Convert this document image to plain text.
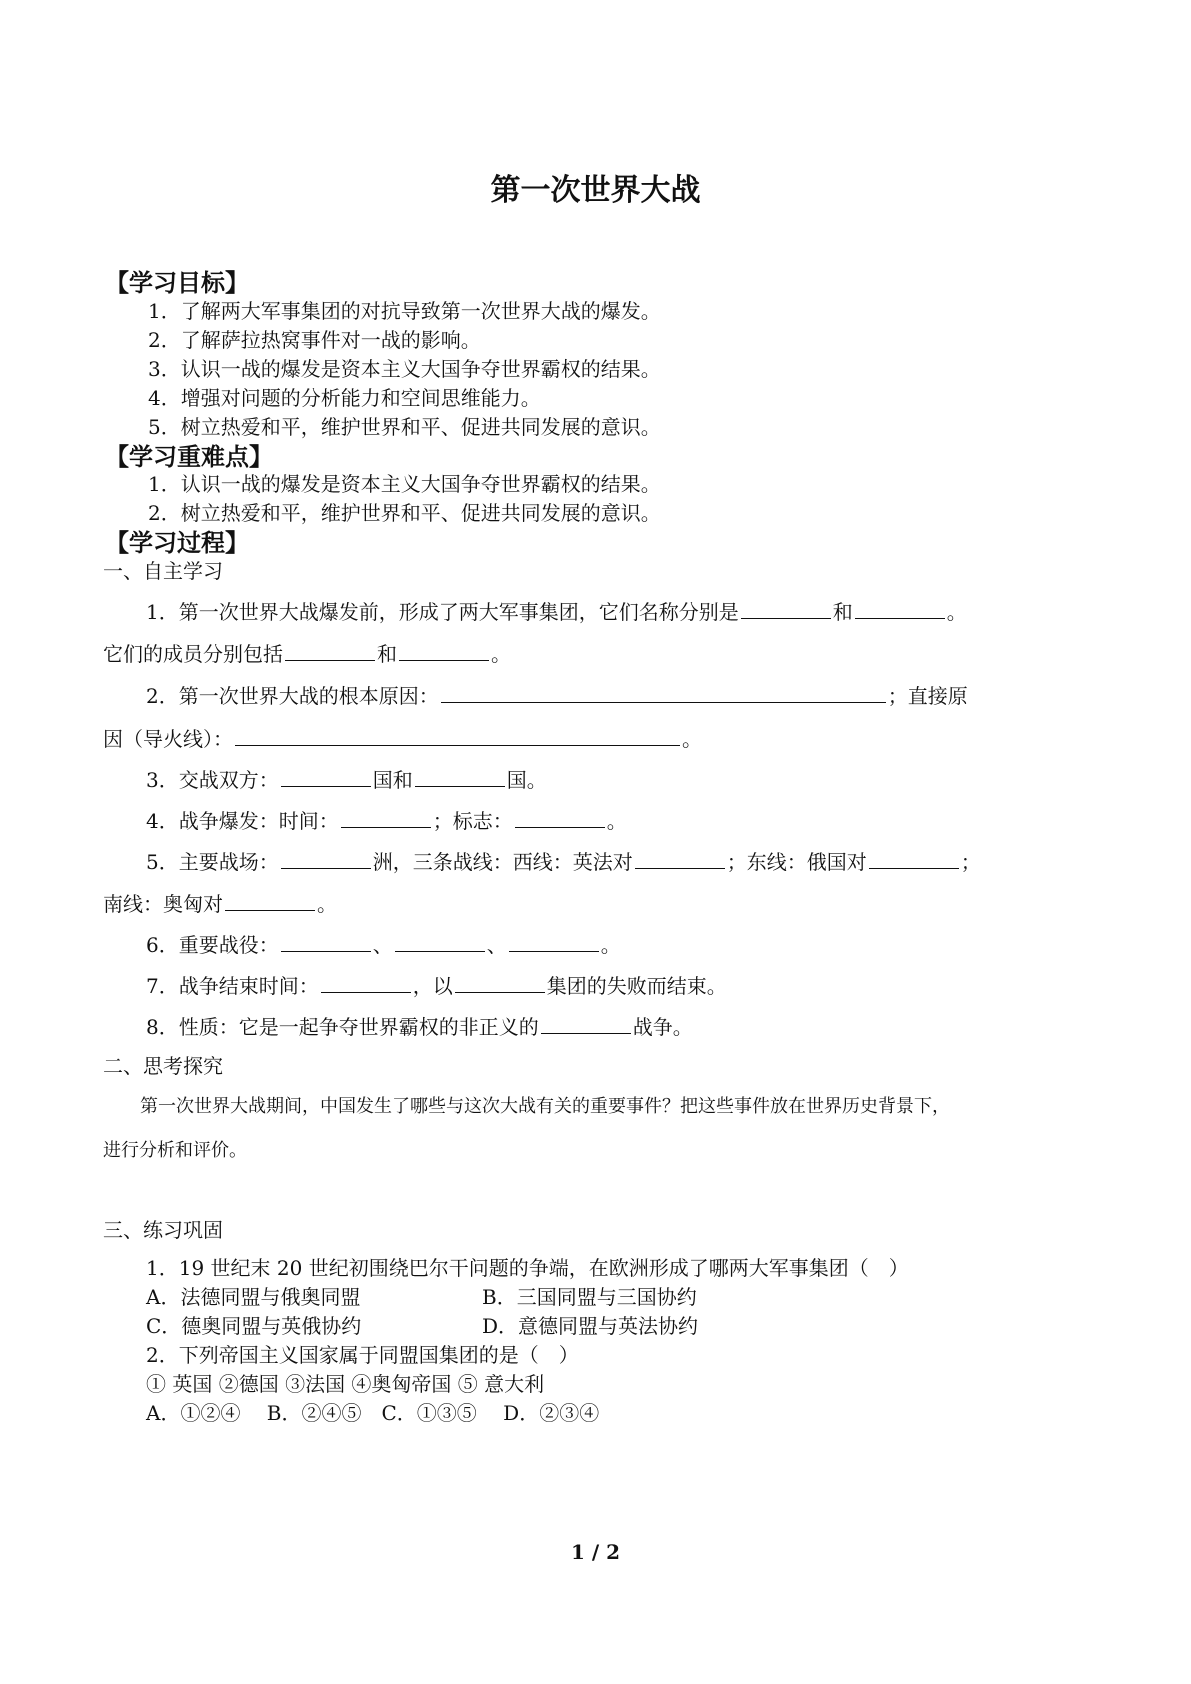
第一次世界大战
【学习目标】
1．了解两大军事集团的对抗导致第一次世界大战的爆发。
2．了解萨拉热窝事件对一战的影响。
3．认识一战的爆发是资本主义大国争夺世界霸权的结果。
4．增强对问题的分析能力和空间思维能力。
5．树立热爱和平，维护世界和平、促进共同发展的意识。
【学习重难点】
1．认识一战的爆发是资本主义大国争夺世界霸权的结果。
2．树立热爱和平，维护世界和平、促进共同发展的意识。
【学习过程】
一、自主学习
1．第一次世界大战爆发前，形成了两大军事集团，它们名称分别是	和	。
它们的成员分别包括	和	。
2．第一次世界大战的根本原因：	；直接原
因（导火线）：	。
3．交战双方：	国和	国。
4．战争爆发：时间：	；标志：	。
5．主要战场：	洲，三条战线：西线：英法对	；东线：俄国对	；
南线：奥匈对	。
6．重要战役：	、	、	。
7．战争结束时间：	，以	集团的失败而结束。
8．性质：它是一起争夺世界霸权的非正义的	战争。
二、思考探究
第一次世界大战期间，中国发生了哪些与这次大战有关的重要事件？把这些事件放在世界历史背景下，
进行分析和评价。
三、练习巩固
1．19 世纪末 20 世纪初围绕巴尔干问题的争端，在欧洲形成了哪两大军事集团（　）
A．法德同盟与俄奥同盟	B．三国同盟与三国协约
C．德奥同盟与英俄协约	D．意德同盟与英法协约
2．下列帝国主义国家属于同盟国集团的是（　）
① 英国 ②德国 ③法国 ④奥匈帝国 ⑤ 意大利
A．①②④　 B．②④⑤　C．①③⑤　 D．②③④
1 / 2
